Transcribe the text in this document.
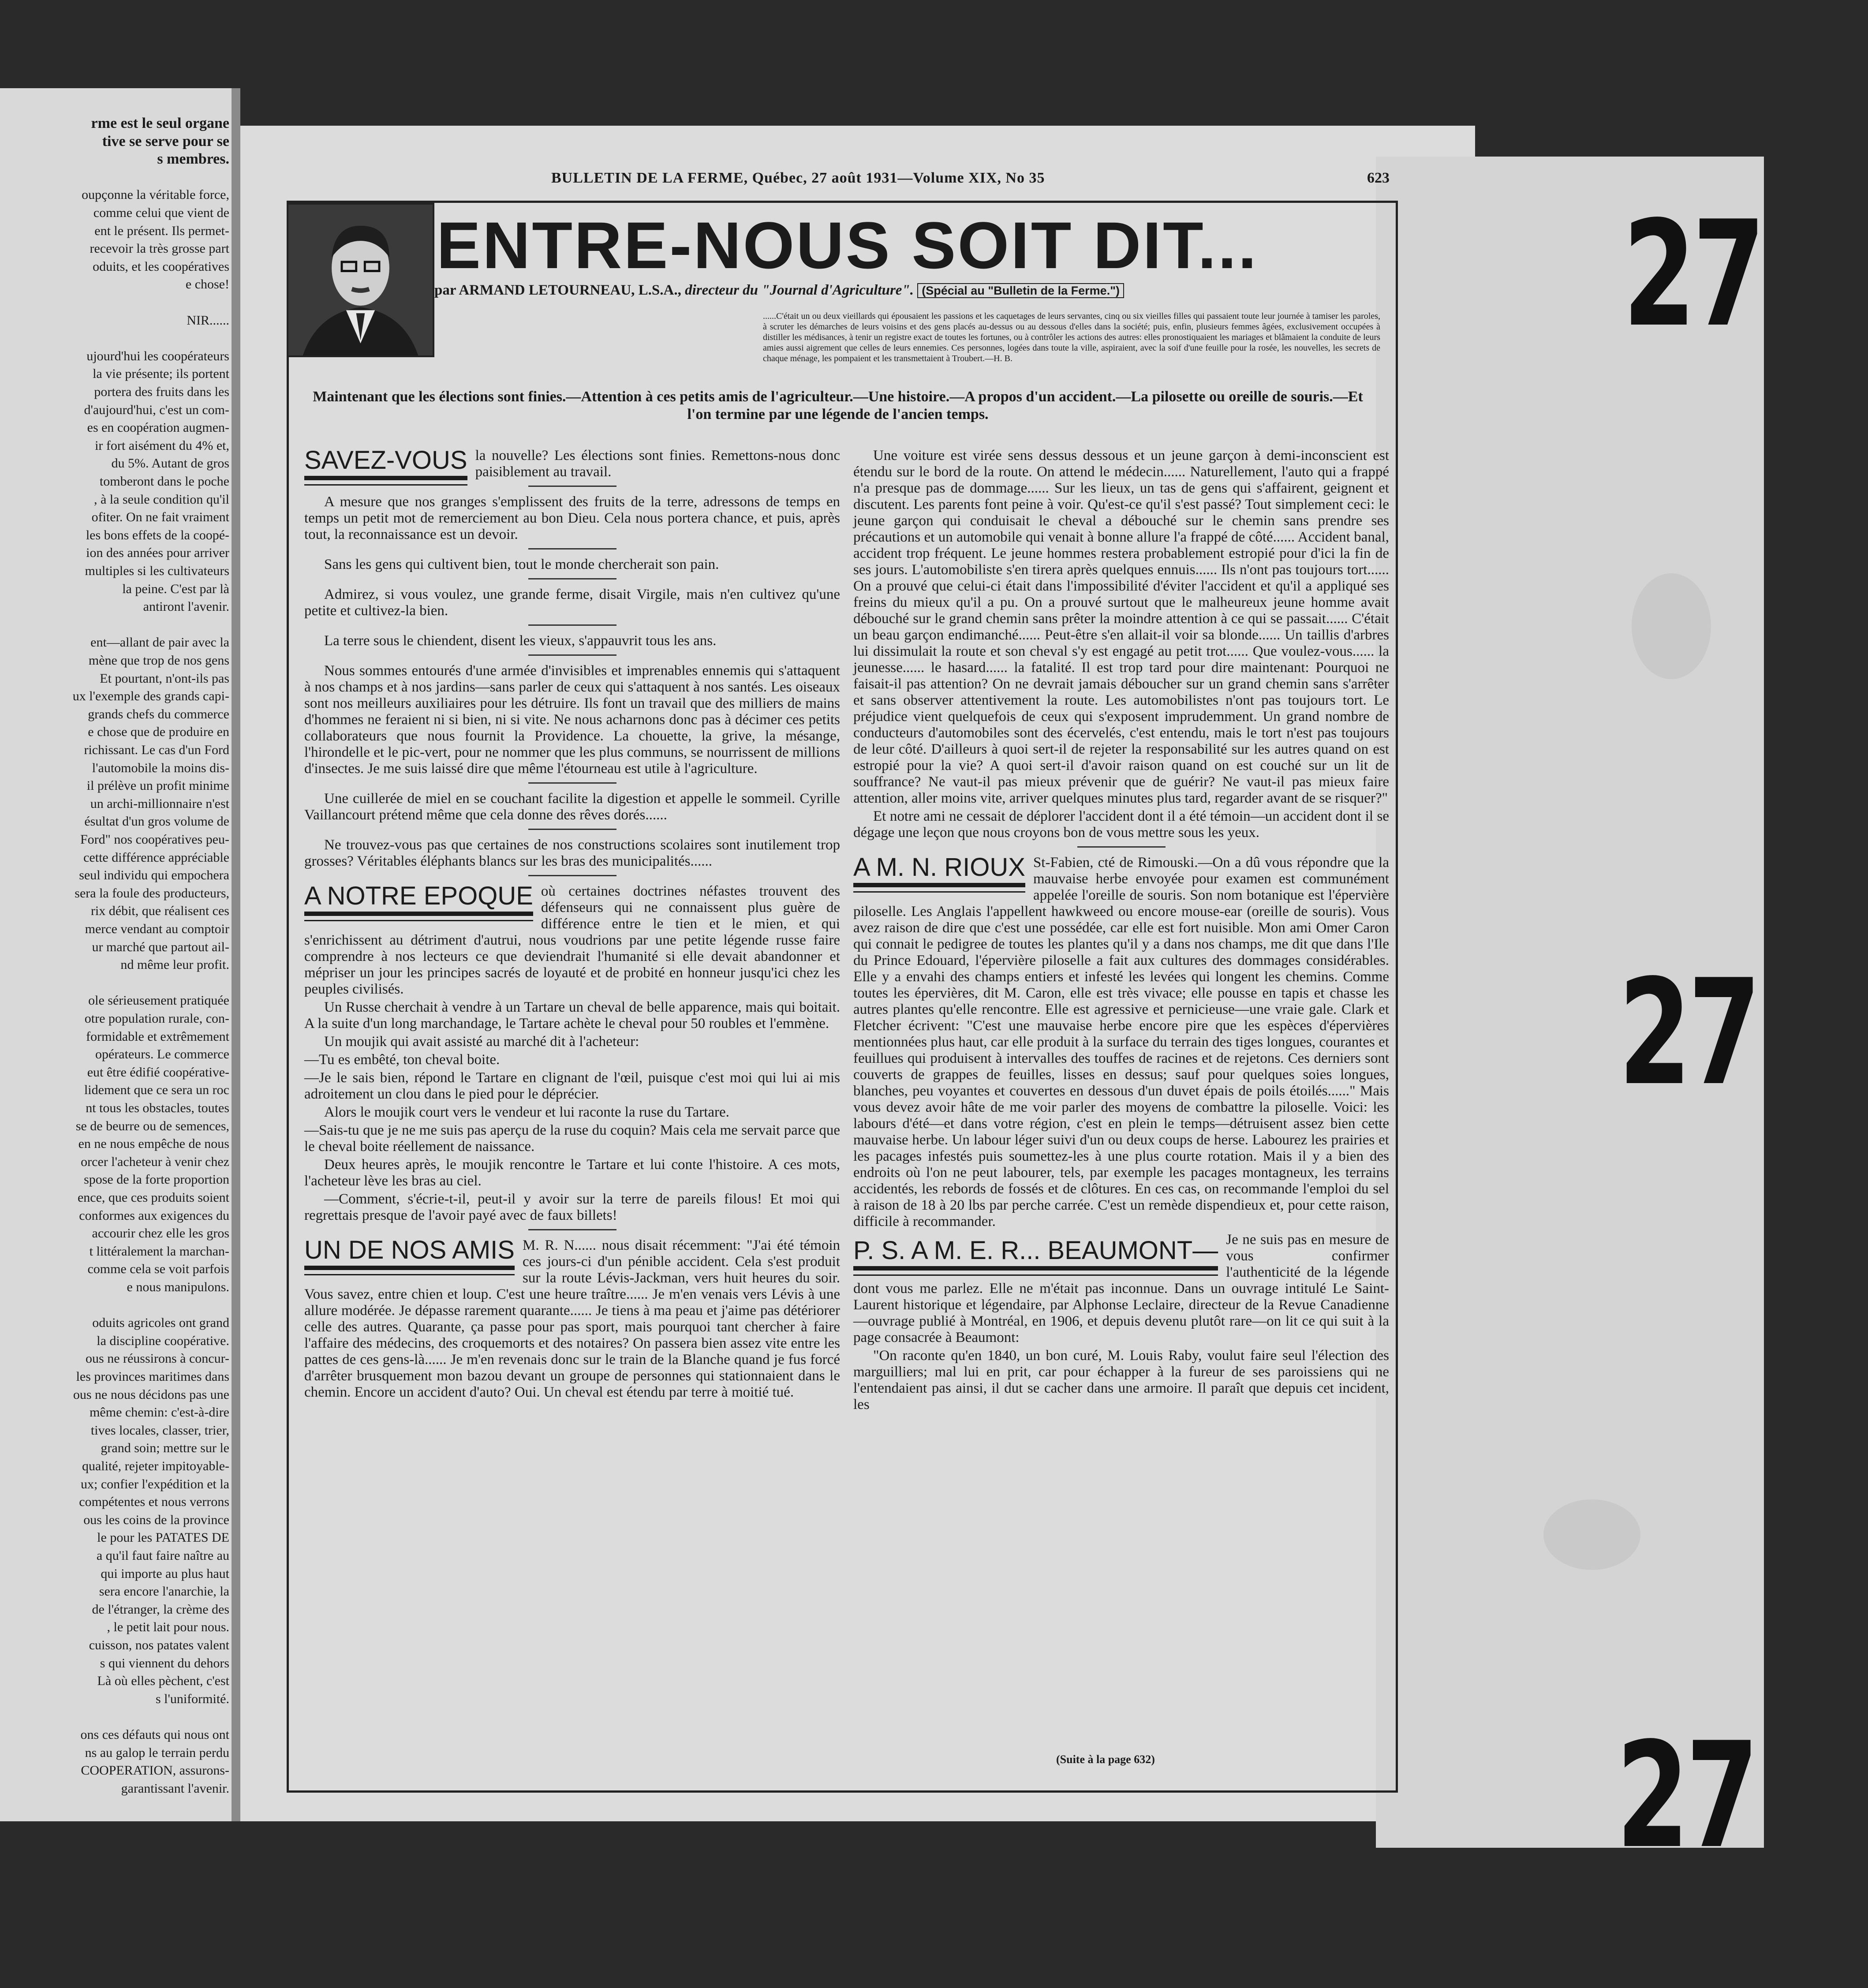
rme est le seul organe
tive se serve pour se
s membres.
oupçonne la véritable force,
comme celui que vient de
ent le présent. Ils permet-
recevoir la très grosse part
oduits, et les coopératives
e chose!
NIR......
ujourd'hui les coopérateurs
la vie présente; ils portent
portera des fruits dans les
d'aujourd'hui, c'est un com-
es en coopération augmen-
ir fort aisément du 4% et,
du 5%. Autant de gros
tomberont dans le poche
, à la seule condition qu'il
ofiter. On ne fait vraiment
les bons effets de la coopé-
ion des années pour arriver
multiples si les cultivateurs
la peine. C'est par là
antiront l'avenir.
ent—allant de pair avec la
mène que trop de nos gens
Et pourtant, n'ont-ils pas
ux l'exemple des grands capi-
grands chefs du commerce
e chose que de produire en
richissant. Le cas d'un Ford
l'automobile la moins dis-
il prélève un profit minime
un archi-millionnaire n'est
ésultat d'un gros volume de
Ford" nos coopératives peu-
cette différence appréciable
seul individu qui empochera
sera la foule des producteurs,
rix débit, que réalisent ces
merce vendant au comptoir
ur marché que partout ail-
nd même leur profit.
ole sérieusement pratiquée
otre population rurale, con-
formidable et extrêmement
opérateurs. Le commerce
eut être édifié coopérative-
lidement que ce sera un roc
nt tous les obstacles, toutes
se de beurre ou de semences,
en ne nous empêche de nous
orcer l'acheteur à venir chez
spose de la forte proportion
ence, que ces produits soient
conformes aux exigences du
accourir chez elle les gros
t littéralement la marchan-
comme cela se voit parfois
e nous manipulons.
oduits agricoles ont grand
la discipline coopérative.
ous ne réussirons à concur-
les provinces maritimes dans
ous ne nous décidons pas une
même chemin: c'est-à-dire
tives locales, classer, trier,
grand soin; mettre sur le
qualité, rejeter impitoyable-
ux; confier l'expédition et la
compétentes et nous verrons
ous les coins de la province
le pour les PATATES DE
a qu'il faut faire naître au
qui importe au plus haut
sera encore l'anarchie, la
de l'étranger, la crème des
, le petit lait pour nous.
cuisson, nos patates valent
s qui viennent du dehors
Là où elles pèchent, c'est
s l'uniformité.
ons ces défauts qui nous ont
ns au galop le terrain perdu
COOPERATION, assurons-
garantissant l'avenir.
27
27
27
BULLETIN DE LA FERME, Québec, 27 août 1931—Volume XIX, No 35	623
ENTRE-NOUS SOIT DIT...
par ARMAND LETOURNEAU, L.S.A., directeur du "Journal d'Agriculture". (Spécial au "Bulletin de la Ferme.")
......C'était un ou deux vieillards qui épousaient les passions et les caquetages de leurs servantes, cinq ou six vieilles filles qui passaient toute leur journée à tamiser les paroles, à scruter les démarches de leurs voisins et des gens placés au-dessus ou au dessous d'elles dans la société; puis, enfin, plusieurs femmes âgées, exclusivement occupées à distiller les médisances, à tenir un registre exact de toutes les fortunes, ou à contrôler les actions des autres: elles pronostiquaient les mariages et blâmaient la conduite de leurs amies aussi aigrement que celles de leurs ennemies. Ces personnes, logées dans toute la ville, aspiraient, avec la soif d'une feuille pour la rosée, les nouvelles, les secrets de chaque ménage, les pompaient et les transmettaient à Troubert.—H. B.
Maintenant que les élections sont finies.—Attention à ces petits amis de l'agriculteur.—Une histoire.—A propos d'un accident.—La pilosette ou oreille de souris.—Et l'on termine par une légende de l'ancien temps.
SAVEZ-VOUS la nouvelle? Les élections sont finies. Remettons-nous donc paisiblement au travail.

A mesure que nos granges s'emplissent des fruits de la terre, adressons de temps en temps un petit mot de remerciement au bon Dieu. Cela nous portera chance, et puis, après tout, la reconnaissance est un devoir.

Sans les gens qui cultivent bien, tout le monde chercherait son pain.

Admirez, si vous voulez, une grande ferme, disait Virgile, mais n'en cultivez qu'une petite et cultivez-la bien.

La terre sous le chiendent, disent les vieux, s'appauvrit tous les ans.

Nous sommes entourés d'une armée d'invisibles et imprenables ennemis qui s'attaquent à nos champs et à nos jardins—sans parler de ceux qui s'attaquent à nos santés. Les oiseaux sont nos meilleurs auxiliaires pour les détruire. Ils font un travail que des milliers de mains d'hommes ne feraient ni si bien, ni si vite. Ne nous acharnons donc pas à décimer ces petits collaborateurs que nous fournit la Providence. La chouette, la grive, la mésange, l'hirondelle et le pic-vert, pour ne nommer que les plus communs, se nourrissent de millions d'insectes. Je me suis laissé dire que même l'étourneau est utile à l'agriculture.

Une cuillerée de miel en se couchant facilite la digestion et appelle le sommeil. Cyrille Vaillancourt prétend même que cela donne des rêves dorés......

Ne trouvez-vous pas que certaines de nos constructions scolaires sont inutilement trop grosses? Véritables éléphants blancs sur les bras des municipalités......

A NOTRE EPOQUE où certaines doctrines néfastes trouvent des défenseurs qui ne connaissent plus guère de différence entre le tien et le mien, et qui s'enrichissent au détriment d'autrui, nous voudrions par une petite légende russe faire comprendre à nos lecteurs ce que deviendrait l'humanité si elle devait abandonner et mépriser un jour les principes sacrés de loyauté et de probité en honneur jusqu'ici chez les peuples civilisés.

Un Russe cherchait à vendre à un Tartare un cheval de belle apparence, mais qui boitait. A la suite d'un long marchandage, le Tartare achète le cheval pour 50 roubles et l'emmène.

Un moujik qui avait assisté au marché dit à l'acheteur:

—Tu es embêté, ton cheval boite.

—Je le sais bien, répond le Tartare en clignant de l'œil, puisque c'est moi qui lui ai mis adroitement un clou dans le pied pour le déprécier.

Alors le moujik court vers le vendeur et lui raconte la ruse du Tartare.

—Sais-tu que je ne me suis pas aperçu de la ruse du coquin? Mais cela me servait parce que le cheval boite réellement de naissance.

Deux heures après, le moujik rencontre le Tartare et lui conte l'histoire. A ces mots, l'acheteur lève les bras au ciel.

—Comment, s'écrie-t-il, peut-il y avoir sur la terre de pareils filous! Et moi qui regrettais presque de l'avoir payé avec de faux billets!

UN DE NOS AMIS M. R. N...... nous disait récemment: "J'ai été témoin ces jours-ci d'un pénible accident. Cela s'est produit sur la route Lévis-Jackman, vers huit heures du soir. Vous savez, entre chien et loup. C'est une heure traître...... Je m'en venais vers Lévis à une allure modérée. Je dépasse rarement quarante...... Je tiens à ma peau et j'aime pas détériorer celle des autres. Quarante, ça passe pour pas sport, mais pourquoi tant chercher à faire l'affaire des médecins, des croquemorts et des notaires? On passera bien assez vite entre les pattes de ces gens-là...... Je m'en revenais donc sur le train de la Blanche quand je fus forcé d'arrêter brusquement mon bazou devant un groupe de personnes qui stationnaient dans le chemin. Encore un accident d'auto? Oui. Un cheval est étendu par terre à moitié tué.

Une voiture est virée sens dessus dessous et un jeune garçon à demi-inconscient est étendu sur le bord de la route. On attend le médecin...... Naturellement, l'auto qui a frappé n'a presque pas de dommage...... Sur les lieux, un tas de gens qui s'affairent, geignent et discutent. Les parents font peine à voir. Qu'est-ce qu'il s'est passé? Tout simplement ceci: le jeune garçon qui conduisait le cheval a débouché sur le chemin sans prendre ses précautions et un automobile qui venait à bonne allure l'a frappé de côté...... Accident banal, accident trop fréquent. Le jeune hommes restera probablement estropié pour d'ici la fin de ses jours. L'automobiliste s'en tirera après quelques ennuis...... Ils n'ont pas toujours tort...... On a prouvé que celui-ci était dans l'impossibilité d'éviter l'accident et qu'il a appliqué ses freins du mieux qu'il a pu. On a prouvé surtout que le malheureux jeune homme avait débouché sur le grand chemin sans prêter la moindre attention à ce qui se passait...... C'était un beau garçon endimanché...... Peut-être s'en allait-il voir sa blonde...... Un taillis d'arbres lui dissimulait la route et son cheval s'y est engagé au petit trot...... Que voulez-vous...... la jeunesse...... le hasard...... la fatalité. Il est trop tard pour dire maintenant: Pourquoi ne faisait-il pas attention? On ne devrait jamais déboucher sur un grand chemin sans s'arrêter et sans observer attentivement la route. Les automobilistes n'ont pas toujours tort. Le préjudice vient quelquefois de ceux qui s'exposent imprudemment. Un grand nombre de conducteurs d'automobiles sont des écervelés, c'est entendu, mais le tort n'est pas toujours de leur côté. D'ailleurs à quoi sert-il de rejeter la responsabilité sur les autres quand on est estropié pour la vie? A quoi sert-il d'avoir raison quand on est couché sur un lit de souffrance? Ne vaut-il pas mieux prévenir que de guérir? Ne vaut-il pas mieux faire attention, aller moins vite, arriver quelques minutes plus tard, regarder avant de se risquer?"

Et notre ami ne cessait de déplorer l'accident dont il a été témoin—un accident dont il se dégage une leçon que nous croyons bon de vous mettre sous les yeux.

A M. N. RIOUX St-Fabien, cté de Rimouski.—On a dû vous répondre que la mauvaise herbe envoyée pour examen est communément appelée l'oreille de souris. Son nom botanique est l'épervière piloselle. Les Anglais l'appellent hawkweed ou encore mouse-ear (oreille de souris). Vous avez raison de dire que c'est une possédée, car elle est fort nuisible. Mon ami Omer Caron qui connait le pedigree de toutes les plantes qu'il y a dans nos champs, me dit que dans l'Ile du Prince Edouard, l'épervière piloselle a fait aux cultures des dommages considérables. Elle y a envahi des champs entiers et infesté les levées qui longent les chemins. Comme toutes les épervières, dit M. Caron, elle est très vivace; elle pousse en tapis et chasse les autres plantes qu'elle rencontre. Elle est agressive et pernicieuse—une vraie gale. Clark et Fletcher écrivent: "C'est une mauvaise herbe encore pire que les espèces d'épervières mentionnées plus haut, car elle produit à la surface du terrain des tiges longues, courantes et feuillues qui produisent à intervalles des touffes de racines et de rejetons. Ces derniers sont couverts de grappes de feuilles, lisses en dessus; sauf pour quelques soies longues, blanches, peu voyantes et couvertes en dessous d'un duvet épais de poils étoilés......" Mais vous devez avoir hâte de me voir parler des moyens de combattre la piloselle. Voici: les labours d'été—et dans votre région, c'est en plein le temps—détruisent assez bien cette mauvaise herbe. Un labour léger suivi d'un ou deux coups de herse. Labourez les prairies et les pacages infestés puis soumettez-les à une plus courte rotation. Mais il y a bien des endroits où l'on ne peut labourer, tels, par exemple les pacages montagneux, les terrains accidentés, les rebords de fossés et de clôtures. En ces cas, on recommande l'emploi du sel à raison de 18 à 20 lbs par perche carrée. C'est un remède dispendieux et, pour cette raison, difficile à recommander.

P. S. A M. E. R... BEAUMONT— Je ne suis pas en mesure de vous confirmer l'authenticité de la légende dont vous me parlez. Elle ne m'était pas inconnue. Dans un ouvrage intitulé Le Saint-Laurent historique et légendaire, par Alphonse Leclaire, directeur de la Revue Canadienne—ouvrage publié à Montréal, en 1906, et depuis devenu plutôt rare—on lit ce qui suit à la page consacrée à Beaumont:

"On raconte qu'en 1840, un bon curé, M. Louis Raby, voulut faire seul l'élection des marguilliers; mal lui en prit, car pour échapper à la fureur de ses paroissiens qui ne l'entendaient pas ainsi, il dut se cacher dans une armoire. Il paraît que depuis cet incident, les

(Suite à la page 632)
